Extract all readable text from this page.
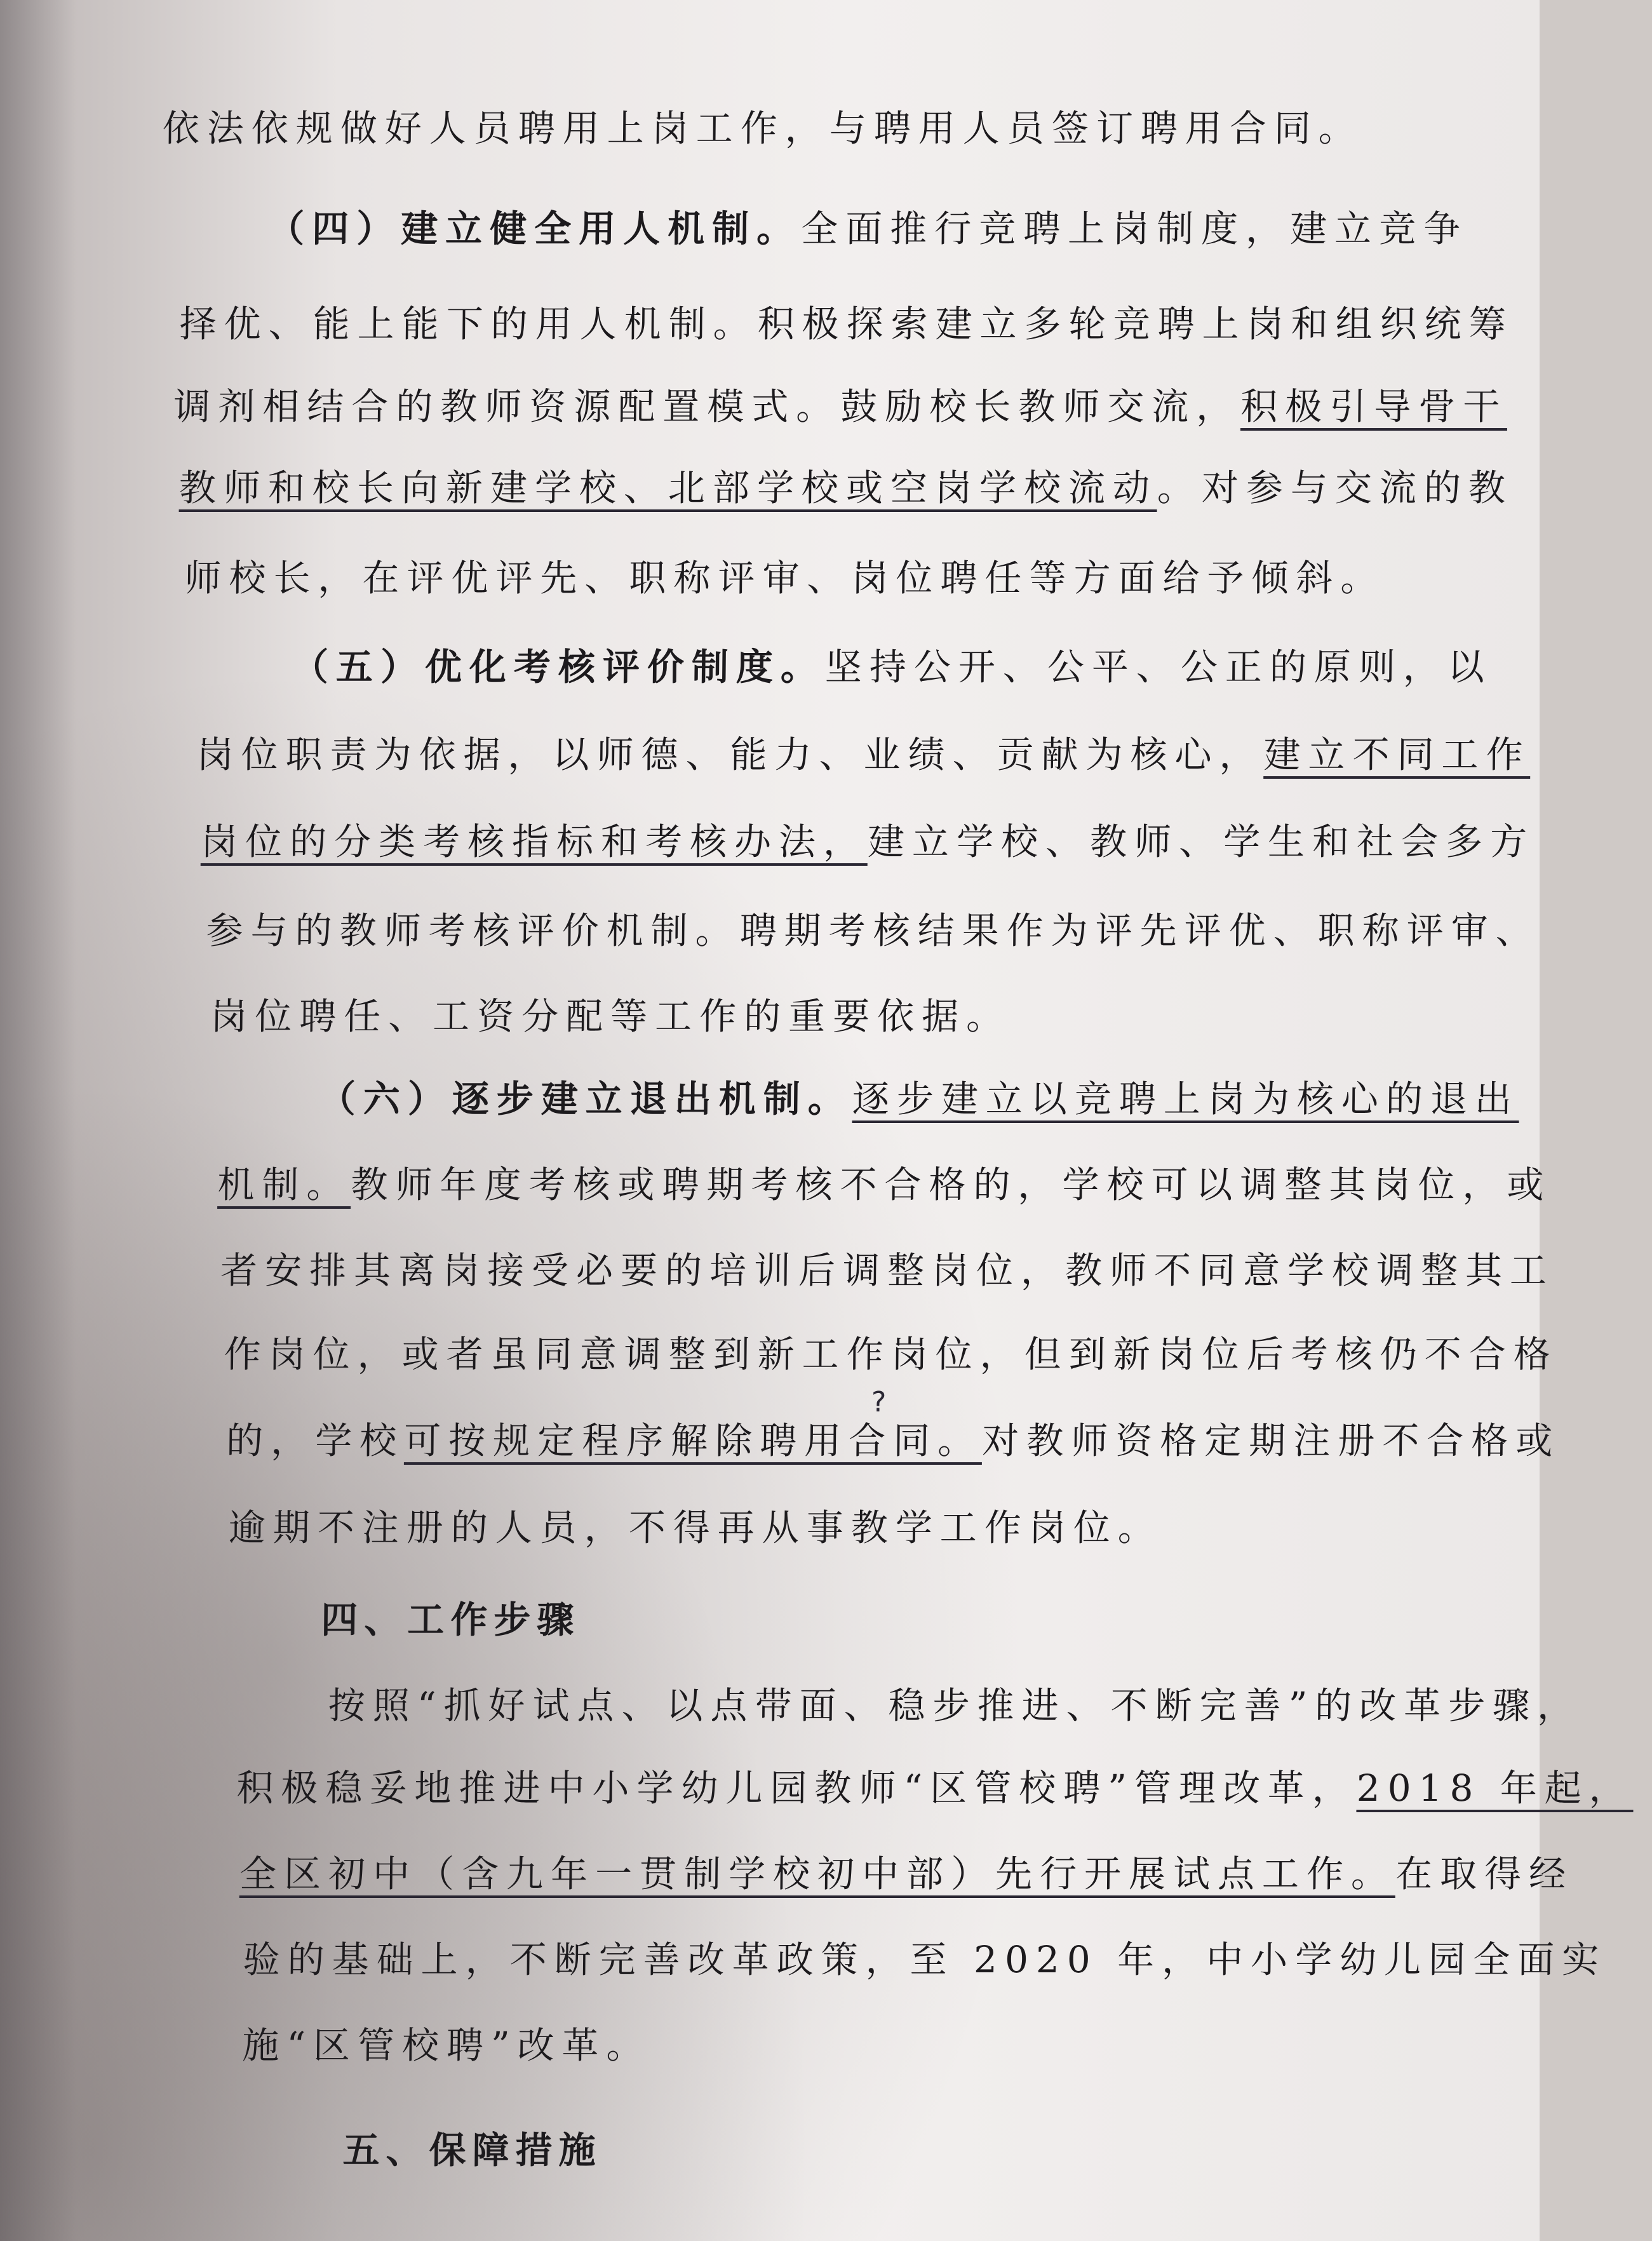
依法依规做好人员聘用上岗工作，与聘用人员签订聘用合同。
（四）建立健全用人机制。全面推行竞聘上岗制度，建立竞争
择优、能上能下的用人机制。积极探索建立多轮竞聘上岗和组织统筹
调剂相结合的教师资源配置模式。鼓励校长教师交流，积极引导骨干
教师和校长向新建学校、北部学校或空岗学校流动。对参与交流的教
师校长，在评优评先、职称评审、岗位聘任等方面给予倾斜。
（五）优化考核评价制度。坚持公开、公平、公正的原则，以
岗位职责为依据，以师德、能力、业绩、贡献为核心，建立不同工作
岗位的分类考核指标和考核办法，建立学校、教师、学生和社会多方
参与的教师考核评价机制。聘期考核结果作为评先评优、职称评审、
岗位聘任、工资分配等工作的重要依据。
（六）逐步建立退出机制。逐步建立以竞聘上岗为核心的退出
机制。教师年度考核或聘期考核不合格的，学校可以调整其岗位，或
者安排其离岗接受必要的培训后调整岗位，教师不同意学校调整其工
作岗位，或者虽同意调整到新工作岗位，但到新岗位后考核仍不合格
的，学校可按规定程序解除聘用合同。对教师资格定期注册不合格或
?
逾期不注册的人员，不得再从事教学工作岗位。
四、工作步骤
按照“抓好试点、以点带面、稳步推进、不断完善”的改革步骤，
积极稳妥地推进中小学幼儿园教师“区管校聘”管理改革，2018 年起，
全区初中（含九年一贯制学校初中部）先行开展试点工作。在取得经
验的基础上，不断完善改革政策，至 2020 年，中小学幼儿园全面实
施“区管校聘”改革。
五、保障措施
